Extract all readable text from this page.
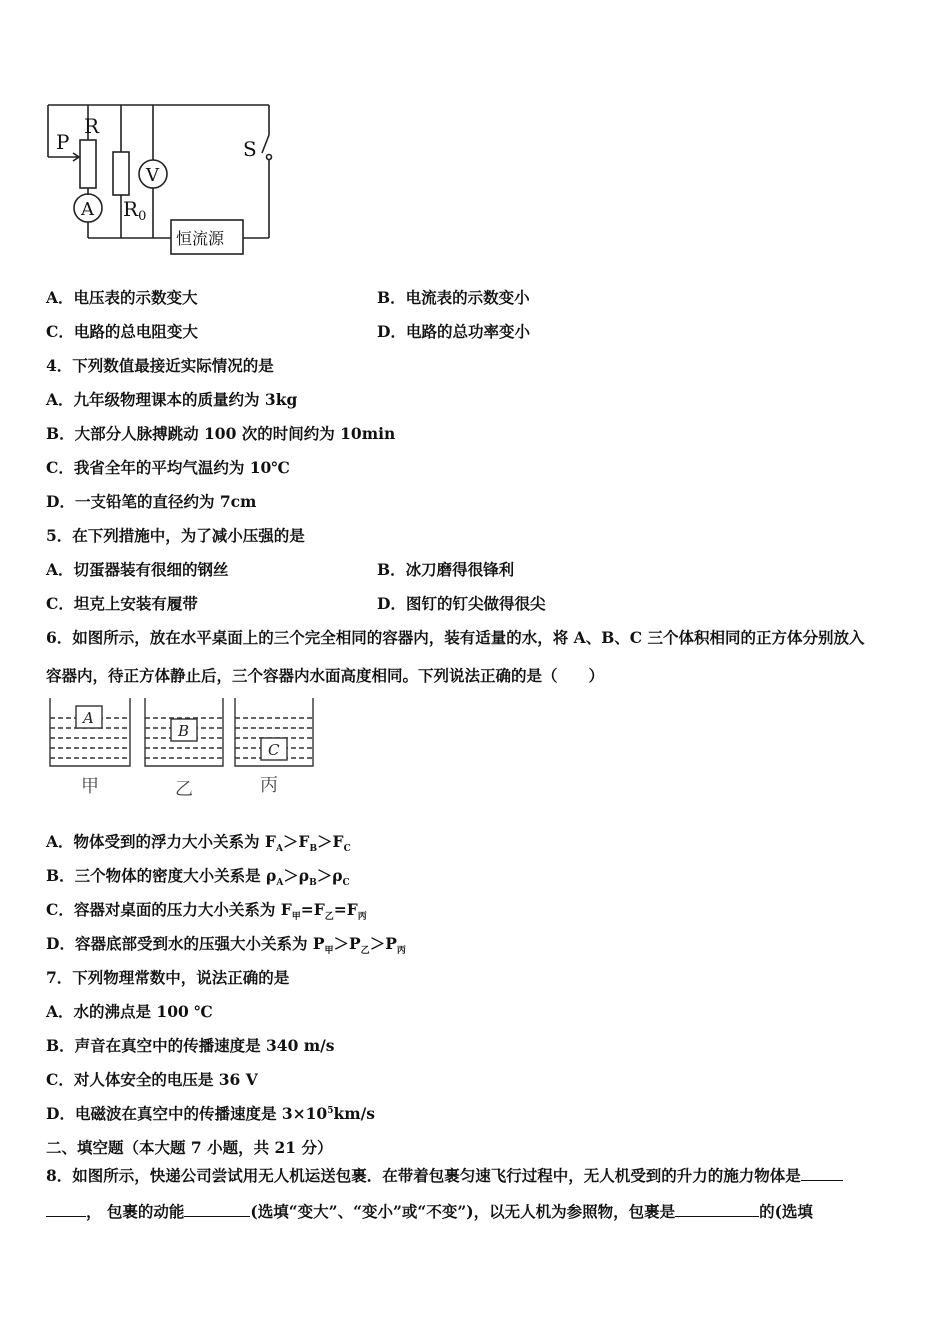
P
R
S
A
V
$R_0$
恒流源
A．电压表的示数变大	B．电流表的示数变小
C．电路的总电阻变大	D．电路的总功率变小
4．下列数值最接近实际情况的是
A．九年级物理课本的质量约为 3kg
B．大部分人脉搏跳动 100 次的时间约为 10min
C．我省全年的平均气温约为 10℃
D．一支铅笔的直径约为 7cm
5．在下列措施中，为了减小压强的是
A．切蛋器装有很细的钢丝	B．冰刀磨得很锋利
C．坦克上安装有履带	D．图钉的钉尖做得很尖
6．如图所示，放在水平桌面上的三个完全相同的容器内，装有适量的水，将 A、B、C 三个体积相同的正方体分别放入
容器内，待正方体静止后，三个容器内水面高度相同。下列说法正确的是（　　）
A
B
C
甲	乙	丙
A．物体受到的浮力大小关系为 $F_A>F_B>F_C$
B．三个物体的密度大小关系是 $\rho_A>\rho_B>\rho_C$
C．容器对桌面的压力大小关系为 $F_甲=F_乙=F_丙$
D．容器底部受到水的压强大小关系为 $P_甲>P_乙>P_丙$
7．下列物理常数中，说法正确的是
A．水的沸点是 100 ℃
B．声音在真空中的传播速度是 340 m/s
C．对人体安全的电压是 36 V
D．电磁波在真空中的传播速度是 $3\times 10^5km/s$
二、填空题（本大题 7 小题，共 21 分）
8．如图所示，快递公司尝试用无人机运送包裹．在带着包裹匀速飞行过程中，无人机受到的升力的施力物体是
， 包裹的动能	(选填“变大”、“变小”或“不变”)，以无人机为参照物，包裹是	的(选填
